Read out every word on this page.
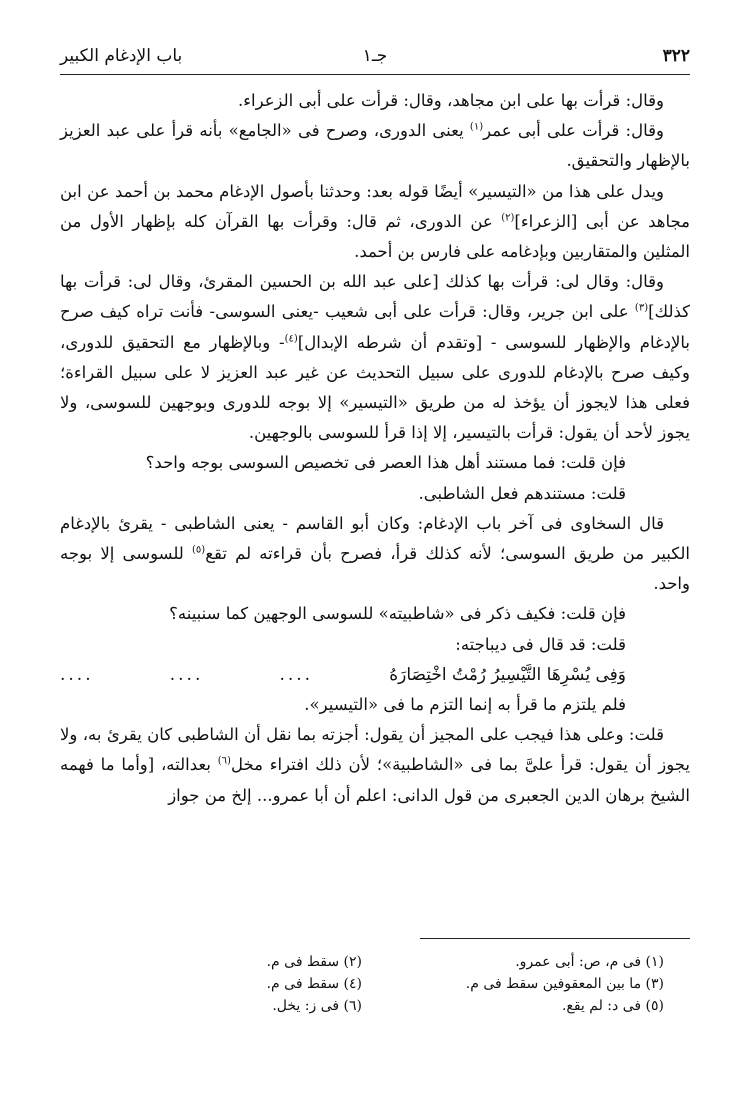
٣٢٢
جـ١
باب الإدغام الكبير

وقال: قرأت بها على ابن مجاهد، وقال: قرأت على أبى الزعراء.

وقال: قرأت على أبى عمر$^{(١)}$ يعنى الدورى، وصرح فى «الجامع» بأنه قرأ على عبد العزيز بالإظهار والتحقيق.

ويدل على هذا من «التيسير» أيضًا قوله بعد: وحدثنا بأصول الإدغام محمد بن أحمد عن ابن مجاهد عن أبى [الزعراء]$^{(٢)}$ عن الدورى، ثم قال: وقرأت بها القرآن كله بإظهار الأول من المثلين والمتقاربين وبإدغامه على فارس بن أحمد.

وقال: وقال لى: قرأت بها كذلك [على عبد الله بن الحسين المقرئ، وقال لى: قرأت بها كذلك]$^{(٣)}$ على ابن جرير، وقال: قرأت على أبى شعيب -يعنى السوسى- فأنت تراه كيف صرح بالإدغام والإظهار للسوسى - [وتقدم أن شرطه الإبدال]$^{(٤)}$- وبالإظهار مع التحقيق للدورى، وكيف صرح بالإدغام للدورى على سبيل التحديث عن غير عبد العزيز لا على سبيل القراءة؛ فعلى هذا لايجوز أن يؤخذ له من طريق «التيسير» إلا بوجه للدورى وبوجهين للسوسى، ولا يجوز لأحد أن يقول: قرأت بالتيسير، إلا إذا قرأ للسوسى بالوجهين.

فإن قلت: فما مستند أهل هذا العصر فى تخصيص السوسى بوجه واحد؟

قلت: مستندهم فعل الشاطبى.

قال السخاوى فى آخر باب الإدغام: وكان أبو القاسم - يعنى الشاطبى - يقرئ بالإدغام الكبير من طريق السوسى؛ لأنه كذلك قرأ، فصرح بأن قراءته لم تقع$^{(٥)}$ للسوسى إلا بوجه واحد.

فإن قلت: فكيف ذكر فى «شاطبيته» للسوسى الوجهين كما سنبينه؟

قلت: قد قال فى ديباجته:

وَفِى يُسْرِهَا التَّيْسِيرُ رُمْتُ اخْتِصَارَهُ
....
....
....

فلم يلتزم ما قرأ به إنما التزم ما فى «التيسير».

قلت: وعلى هذا فيجب على المجيز أن يقول: أجزته بما نقل أن الشاطبى كان يقرئ به، ولا يجوز أن يقول: قرأ علىَّ بما فى «الشاطبية»؛ لأن ذلك افتراء مخل$^{(٦)}$ بعدالته، [وأما ما فهمه الشيخ برهان الدين الجعبرى من قول الدانى: اعلم أن أبا عمرو... إلخ من جواز

(١) فى م، ص: أبى عمرو.
(٢) سقط فى م.
(٣) ما بين المعقوفين سقط فى م.
(٤) سقط فى م.
(٥) فى د: لم يقع.
(٦) فى ز: يخل.
